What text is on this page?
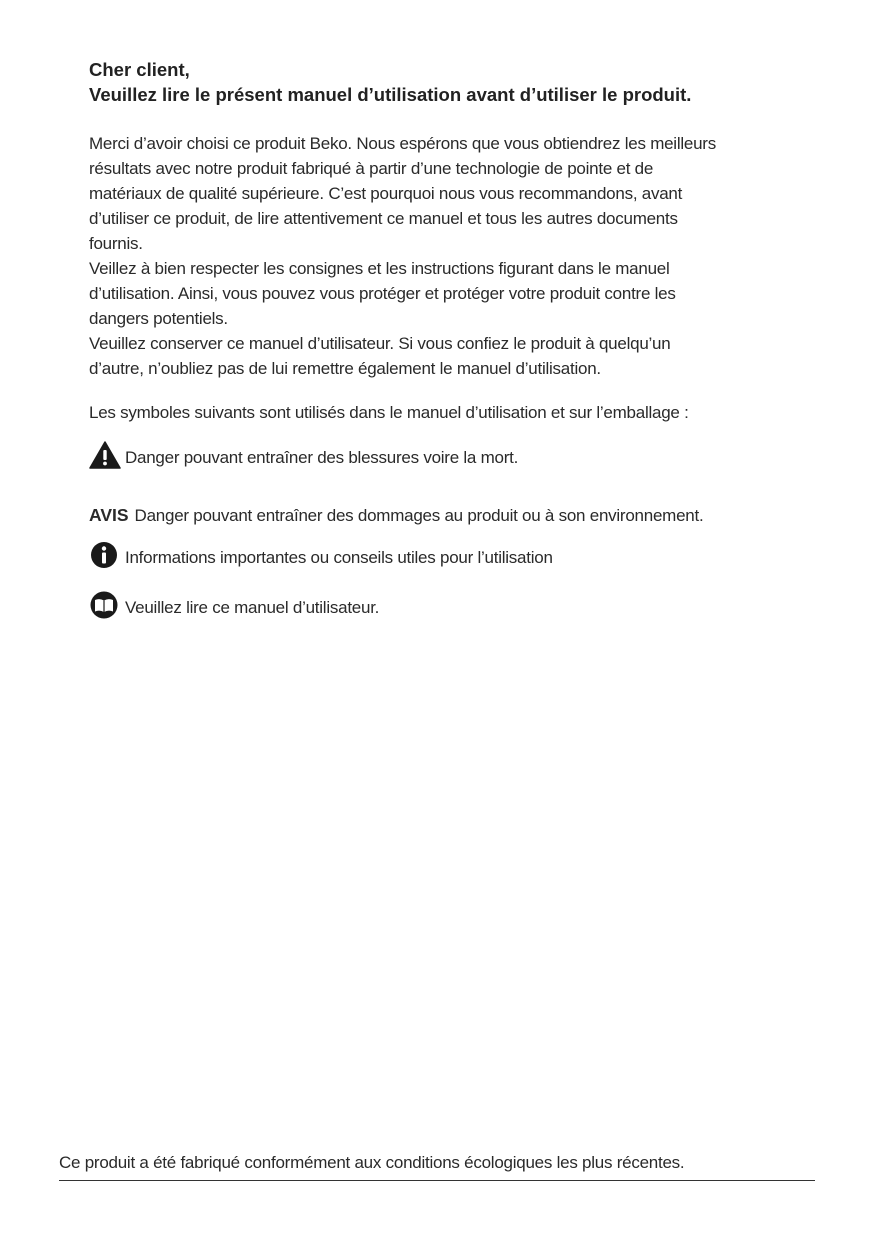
Cher client,
Veuillez lire le présent manuel d’utilisation avant d’utiliser le produit.
Merci d’avoir choisi ce produit Beko. Nous espérons que vous obtiendrez les meilleurs
résultats avec notre produit fabriqué à partir d’une technologie de pointe et de
matériaux de qualité supérieure. C’est pourquoi nous vous recommandons, avant
d’utiliser ce produit, de lire attentivement ce manuel et tous les autres documents
fournis.
Veillez à bien respecter les consignes et les instructions figurant dans le manuel
d’utilisation. Ainsi, vous pouvez vous protéger et protéger votre produit contre les
dangers potentiels.
Veuillez conserver ce manuel d’utilisateur. Si vous confiez le produit à quelqu’un
d’autre, n’oubliez pas de lui remettre également le manuel d’utilisation.
Les symboles suivants sont utilisés dans le manuel d’utilisation et sur l’emballage :
Danger pouvant entraîner des blessures voire la mort.
AVIS Danger pouvant entraîner des dommages au produit ou à son environnement.
Informations importantes ou conseils utiles pour l’utilisation
Veuillez lire ce manuel d’utilisateur.
Ce produit a été fabriqué conformément aux conditions écologiques les plus récentes.
